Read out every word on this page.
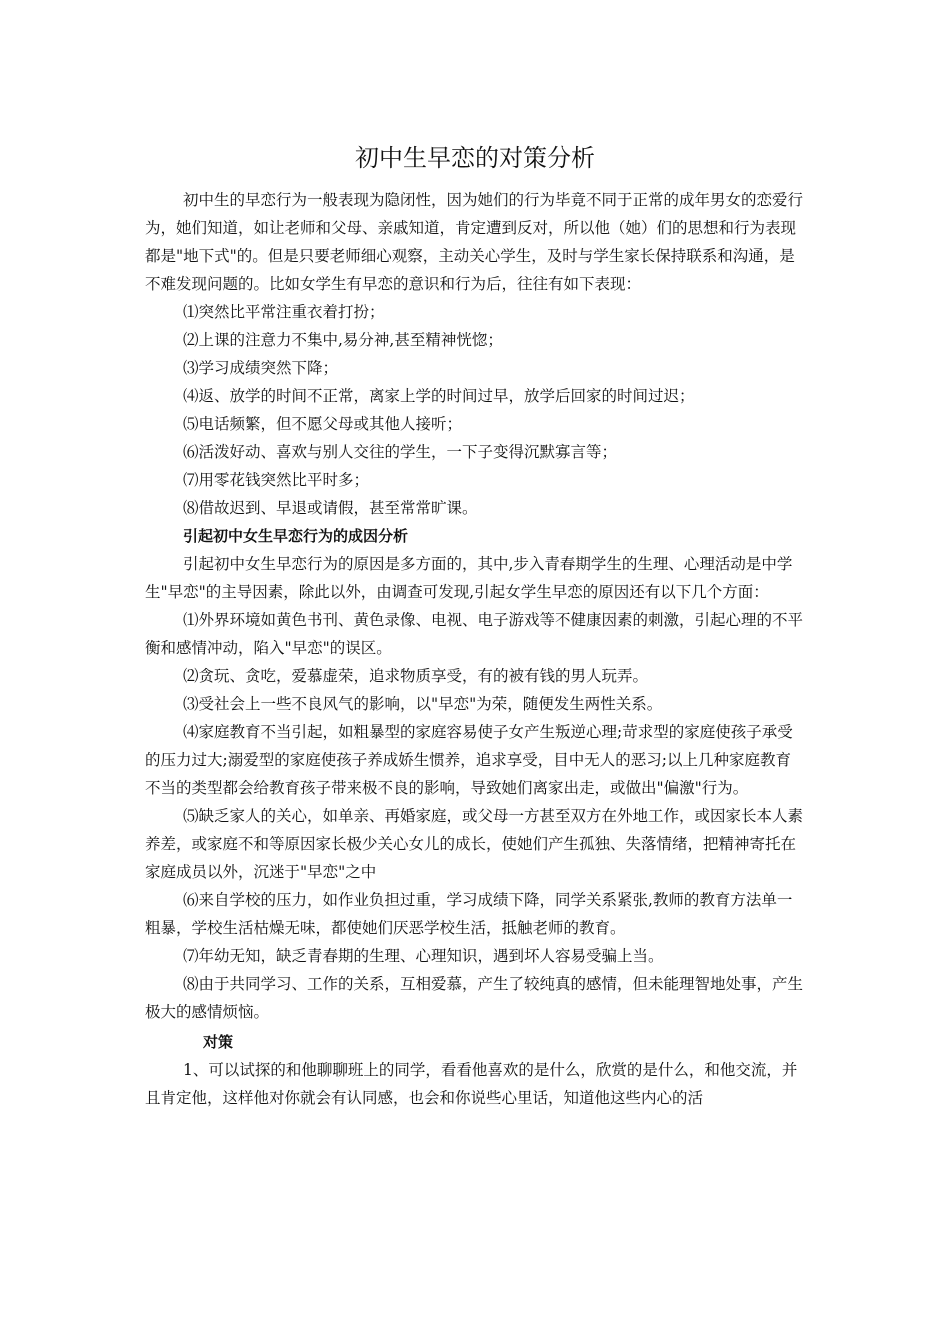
初中生早恋的对策分析

初中生的早恋行为一般表现为隐闭性，因为她们的行为毕竟不同于正常的成年男女的恋爱行为，她们知道，如让老师和父母、亲戚知道，肯定遭到反对，所以他（她）们的思想和行为表现都是"地下式"的。但是只要老师细心观察，主动关心学生，及时与学生家长保持联系和沟通，是不难发现问题的。比如女学生有早恋的意识和行为后，往往有如下表现：

⑴突然比平常注重衣着打扮；

⑵上课的注意力不集中,易分神,甚至精神恍惚；

⑶学习成绩突然下降；

⑷返、放学的时间不正常，离家上学的时间过早，放学后回家的时间过迟；

⑸电话频繁，但不愿父母或其他人接听；

⑹活泼好动、喜欢与别人交往的学生，一下子变得沉默寡言等；

⑺用零花钱突然比平时多；

⑻借故迟到、早退或请假，甚至常常旷课。

引起初中女生早恋行为的成因分析

引起初中女生早恋行为的原因是多方面的，其中,步入青春期学生的生理、心理活动是中学生"早恋"的主导因素，除此以外，由调查可发现,引起女学生早恋的原因还有以下几个方面：

⑴外界环境如黄色书刊、黄色录像、电视、电子游戏等不健康因素的刺激，引起心理的不平衡和感情冲动，陷入"早恋"的误区。

⑵贪玩、贪吃，爱慕虚荣，追求物质享受，有的被有钱的男人玩弄。

⑶受社会上一些不良风气的影响，以"早恋"为荣，随便发生两性关系。

⑷家庭教育不当引起，如粗暴型的家庭容易使子女产生叛逆心理;苛求型的家庭使孩子承受的压力过大;溺爱型的家庭使孩子养成娇生惯养，追求享受，目中无人的恶习;以上几种家庭教育不当的类型都会给教育孩子带来极不良的影响，导致她们离家出走，或做出"偏激"行为。

⑸缺乏家人的关心，如单亲、再婚家庭，或父母一方甚至双方在外地工作，或因家长本人素养差，或家庭不和等原因家长极少关心女儿的成长，使她们产生孤独、失落情绪，把精神寄托在家庭成员以外，沉迷于"早恋"之中

⑹来自学校的压力，如作业负担过重，学习成绩下降，同学关系紧张,教师的教育方法单一粗暴，学校生活枯燥无味，都使她们厌恶学校生活，抵触老师的教育。

⑺年幼无知，缺乏青春期的生理、心理知识，遇到坏人容易受骗上当。

⑻由于共同学习、工作的关系，互相爱慕，产生了较纯真的感情，但未能理智地处事，产生极大的感情烦恼。

对策

1、可以试探的和他聊聊班上的同学，看看他喜欢的是什么，欣赏的是什么，和他交流，并且肯定他，这样他对你就会有认同感，也会和你说些心里话，知道他这些内心的活
